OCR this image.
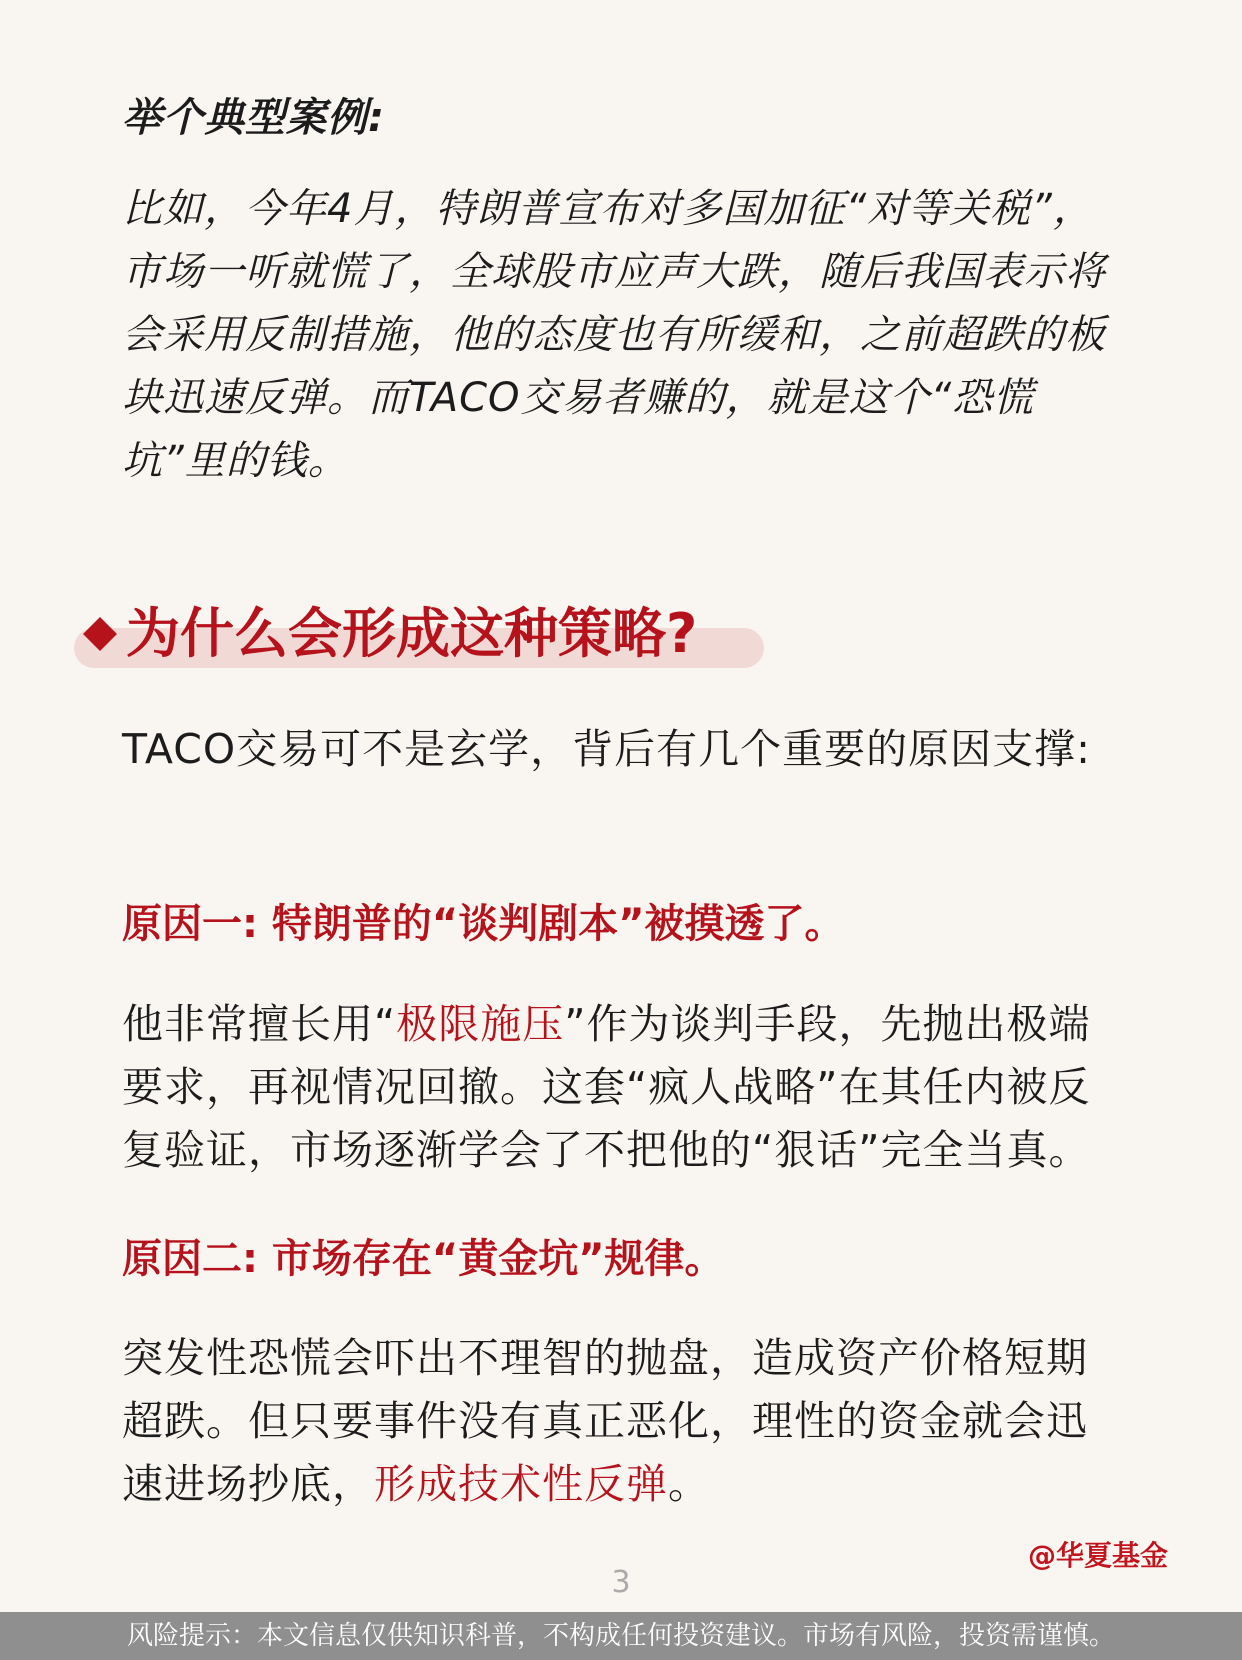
举个典型案例:

比如，今年4月，特朗普宣布对多国加征“对等关税”，市场一听就慌了，全球股市应声大跌，随后我国表示将会采用反制措施，他的态度也有所缓和，之前超跌的板块迅速反弹。而TACO交易者赚的，就是这个“恐慌坑”里的钱。

为什么会形成这种策略?

TACO交易可不是玄学，背后有几个重要的原因支撑:

原因一: 特朗普的“谈判剧本”被摸透了。

他非常擅长用“极限施压”作为谈判手段，先抛出极端要求，再视情况回撤。这套“疯人战略”在其任内被反复验证，市场逐渐学会了不把他的“狠话”完全当真。

原因二: 市场存在“黄金坑”规律。

突发性恐慌会吓出不理智的抛盘，造成资产价格短期超跌。但只要事件没有真正恶化，理性的资金就会迅速进场抄底，形成技术性反弹。

@华夏基金

3

风险提示：本文信息仅供知识科普，不构成任何投资建议。市场有风险，投资需谨慎。
